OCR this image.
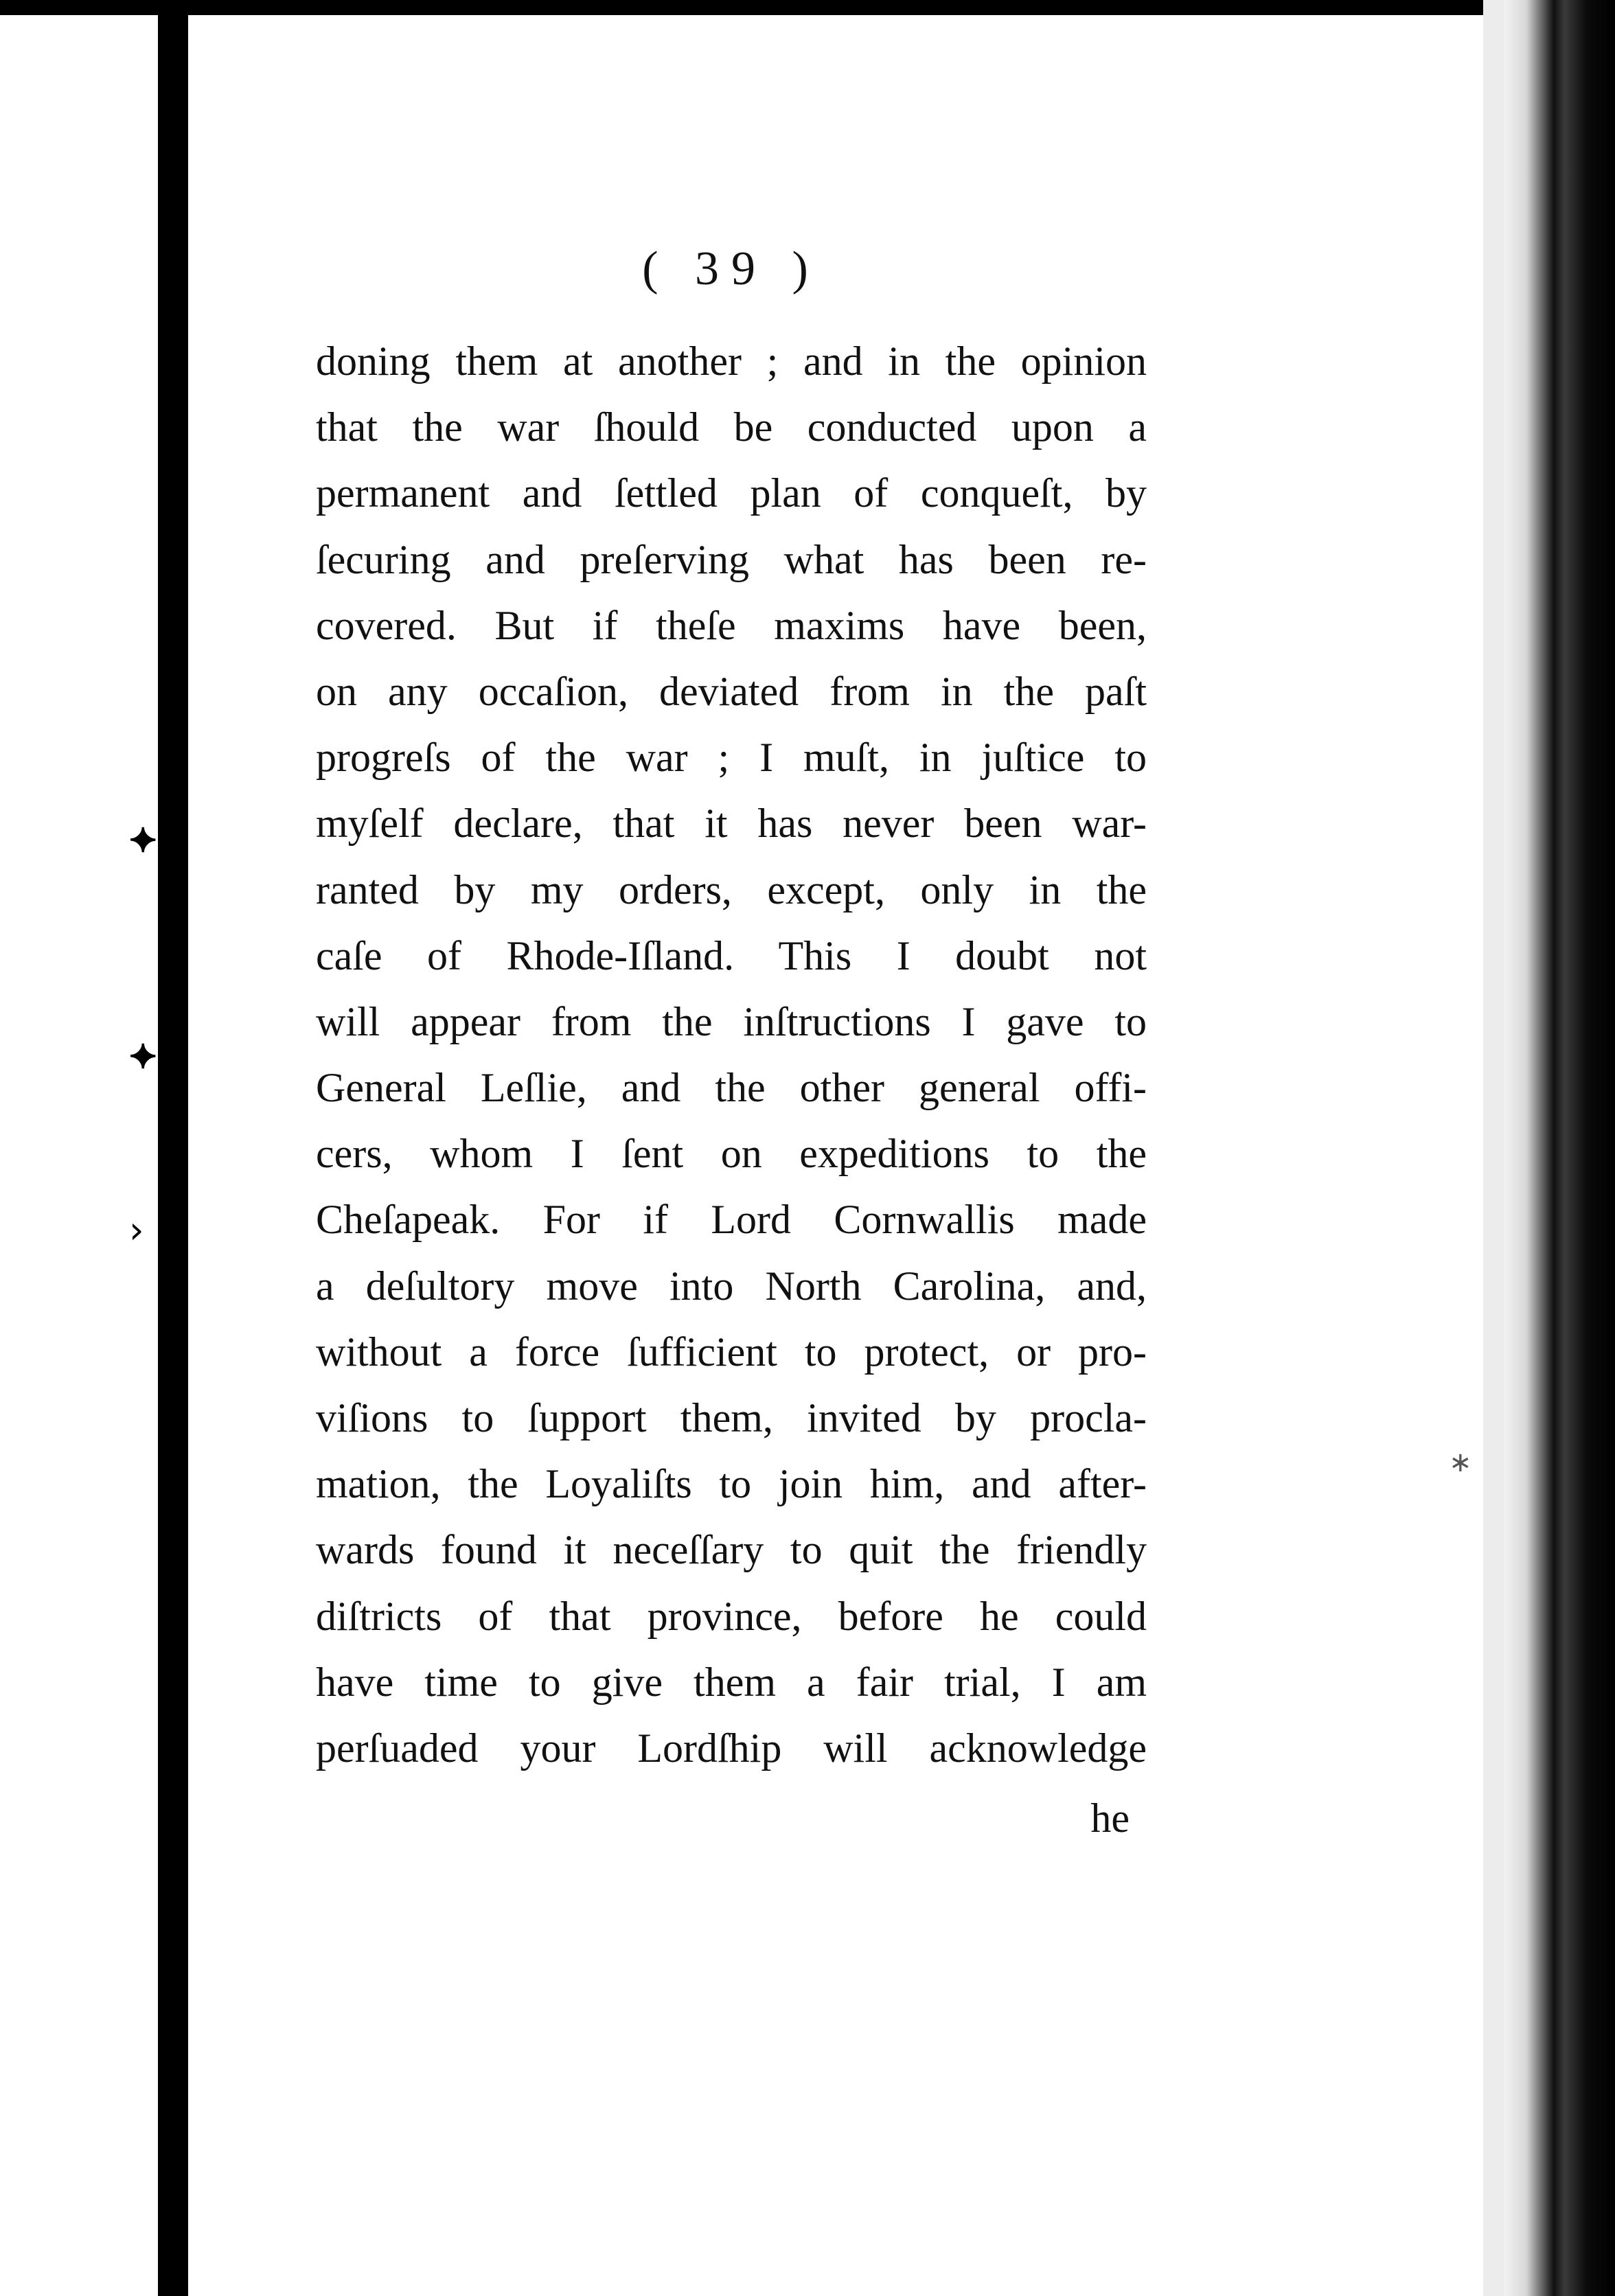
⯌
⯌
›
∗
( 39 )
doning them at another ; and in the opinion
that the war ſhould be conducted upon a
permanent and ſettled plan of conqueſt, by
ſecuring and preſerving what has been re-
covered. But if theſe maxims have been,
on any occaſion, deviated from in the paſt
progreſs of the war ; I muſt, in juſtice to
myſelf declare, that it has never been war-
ranted by my orders, except, only in the
caſe of Rhode-Iſland. This I doubt not
will appear from the inſtructions I gave to
General Leſlie, and the other general offi-
cers, whom I ſent on expeditions to the
Cheſapeak. For if Lord Cornwallis made
a deſultory move into North Carolina, and,
without a force ſufficient to protect, or pro-
viſions to ſupport them, invited by procla-
mation, the Loyaliſts to join him, and after-
wards found it neceſſary to quit the friendly
diſtricts of that province, before he could
have time to give them a fair trial, I am
perſuaded your Lordſhip will acknowledge
he
